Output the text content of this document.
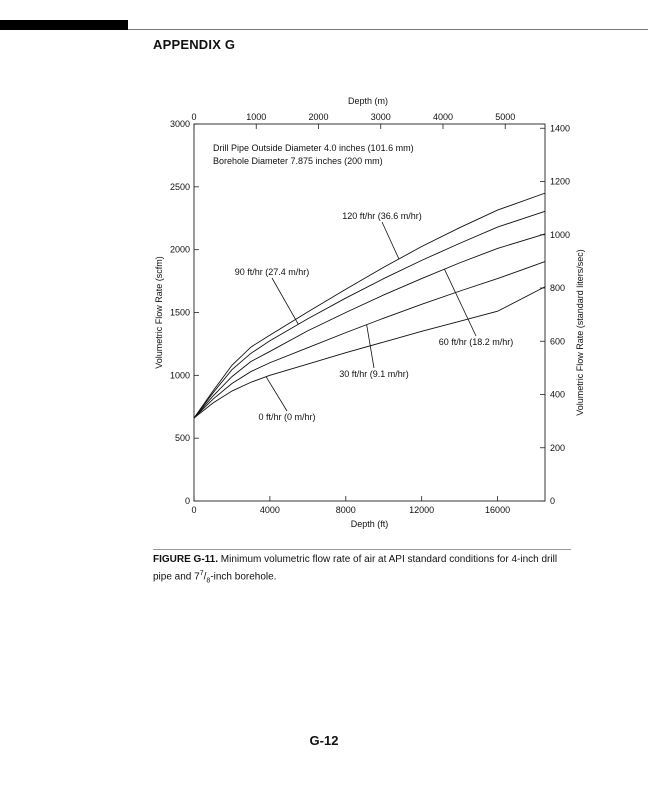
APPENDIX G
0	4000	8000	12000	16000
0	1000	2000	3000	4000	5000
0
500
1000
1500
2000
2500
3000
0
200
400
600
800
1000
1200
1400
Depth (ft)
Depth (m)
Volumetric Flow Rate (scfm)	Volumetric Flow Rate (standard liters/sec)
Drill Pipe Outside Diameter 4.0 inches (101.6 mm)
Borehole Diameter 7.875 inches (200 mm)
120 ft/hr (36.6 m/hr)
90 ft/hr (27.4 m/hr)
60 ft/hr (18.2 m/hr)
30 ft/hr (9.1 m/hr)
0 ft/hr (0 m/hr)
FIGURE G-11. Minimum volumetric flow rate of air at API standard conditions for 4-inch drill pipe and $7^7/_8$-inch borehole.
G-12
